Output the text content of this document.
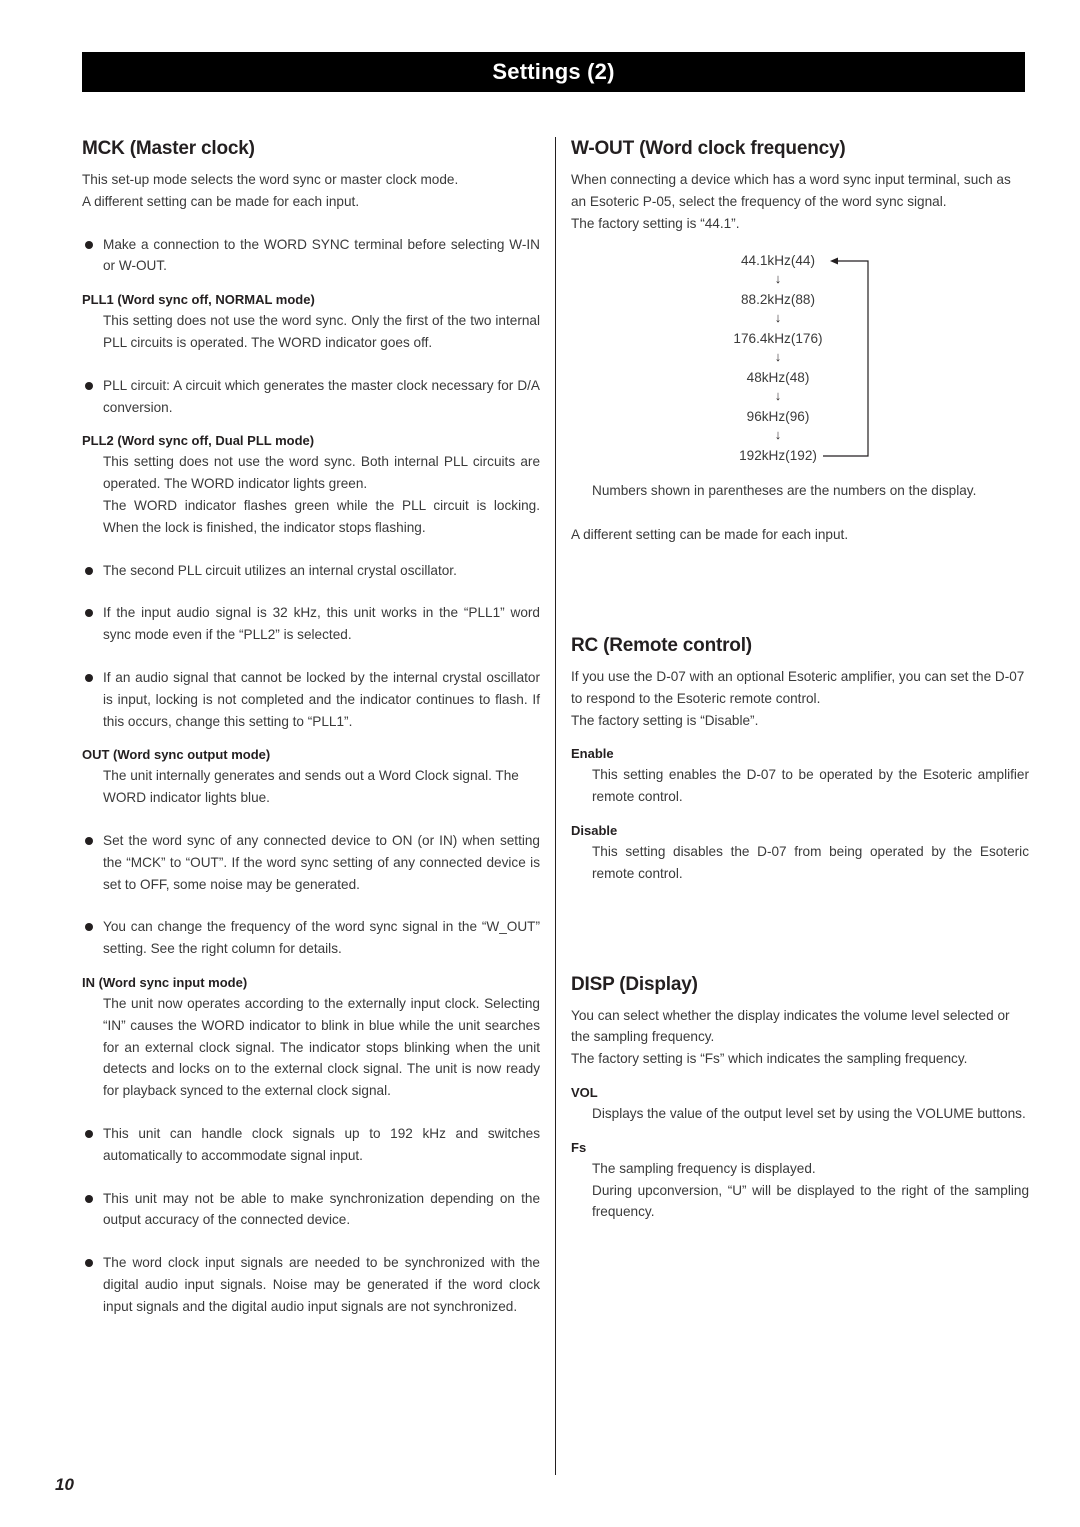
Settings (2)
MCK (Master clock)

This set-up mode selects the word sync or master clock mode.

A different setting can be made for each input.

Make a connection to the WORD SYNC terminal before selecting W-IN or W-OUT.
PLL1 (Word sync off, NORMAL mode)

This setting does not use the word sync. Only the first of the two internal PLL circuits is operated. The WORD indicator goes off.

PLL circuit: A circuit which generates the master clock necessary for D/A conversion.
PLL2 (Word sync off, Dual PLL mode)

This setting does not use the word sync. Both internal PLL circuits are operated. The WORD indicator lights green.

The WORD indicator flashes green while the PLL circuit is locking. When the lock is finished, the indicator stops flashing.

The second PLL circuit utilizes an internal crystal oscillator.
If the input audio signal is 32 kHz, this unit works in the “PLL1” word sync mode even if the “PLL2” is selected.
If an audio signal that cannot be locked by the internal crystal oscillator is input, locking is not completed and the indicator continues to flash. If this occurs, change this setting to “PLL1”.
OUT (Word sync output mode)

The unit internally generates and sends out a Word Clock signal. The WORD indicator lights blue.

Set the word sync of any connected device to ON (or IN) when setting the “MCK” to “OUT”. If the word sync setting of any connected device is set to OFF, some noise may be generated.
You can change the frequency of the word sync signal in the “W_OUT” setting. See the right column for details.
IN (Word sync input mode)

The unit now operates according to the externally input clock. Selecting “IN” causes the WORD indicator to blink in blue while the unit searches for an external clock signal. The indicator stops blinking when the unit detects and locks on to the external clock signal. The unit is now ready for playback synced to the external clock signal.

This unit can handle clock signals up to 192 kHz and switches automatically to accommodate signal input.
This unit may not be able to make synchronization depending on the output accuracy of the connected device.
The word clock input signals are needed to be synchronized with the digital audio input signals. Noise may be generated if the word clock input signals and the digital audio input signals are not synchronized.
W-OUT (Word clock frequency)

When connecting a device which has a word sync input terminal, such as an Esoteric P-05, select the frequency of the word sync signal.

The factory setting is “44.1”.

44.1kHz(44)
↓
88.2kHz(88)
↓
176.4kHz(176)
↓
48kHz(48)
↓
96kHz(96)
↓
192kHz(192)

Numbers shown in parentheses are the numbers on the display.

A different setting can be made for each input.

RC (Remote control)

If you use the D-07 with an optional Esoteric amplifier, you can set the D-07 to respond to the Esoteric remote control.

The factory setting is “Disable”.

Enable

This setting enables the D-07 to be operated by the Esoteric amplifier remote control.

Disable

This setting disables the D-07 from being operated by the Esoteric remote control.

DISP (Display)

You can select whether the display indicates the volume level selected or the sampling frequency.

The factory setting is “Fs” which indicates the sampling frequency.

VOL

Displays the value of the output level set by using the VOLUME buttons.

Fs

The sampling frequency is displayed.

During upconversion, “U” will be displayed to the right of the sampling frequency.

10
